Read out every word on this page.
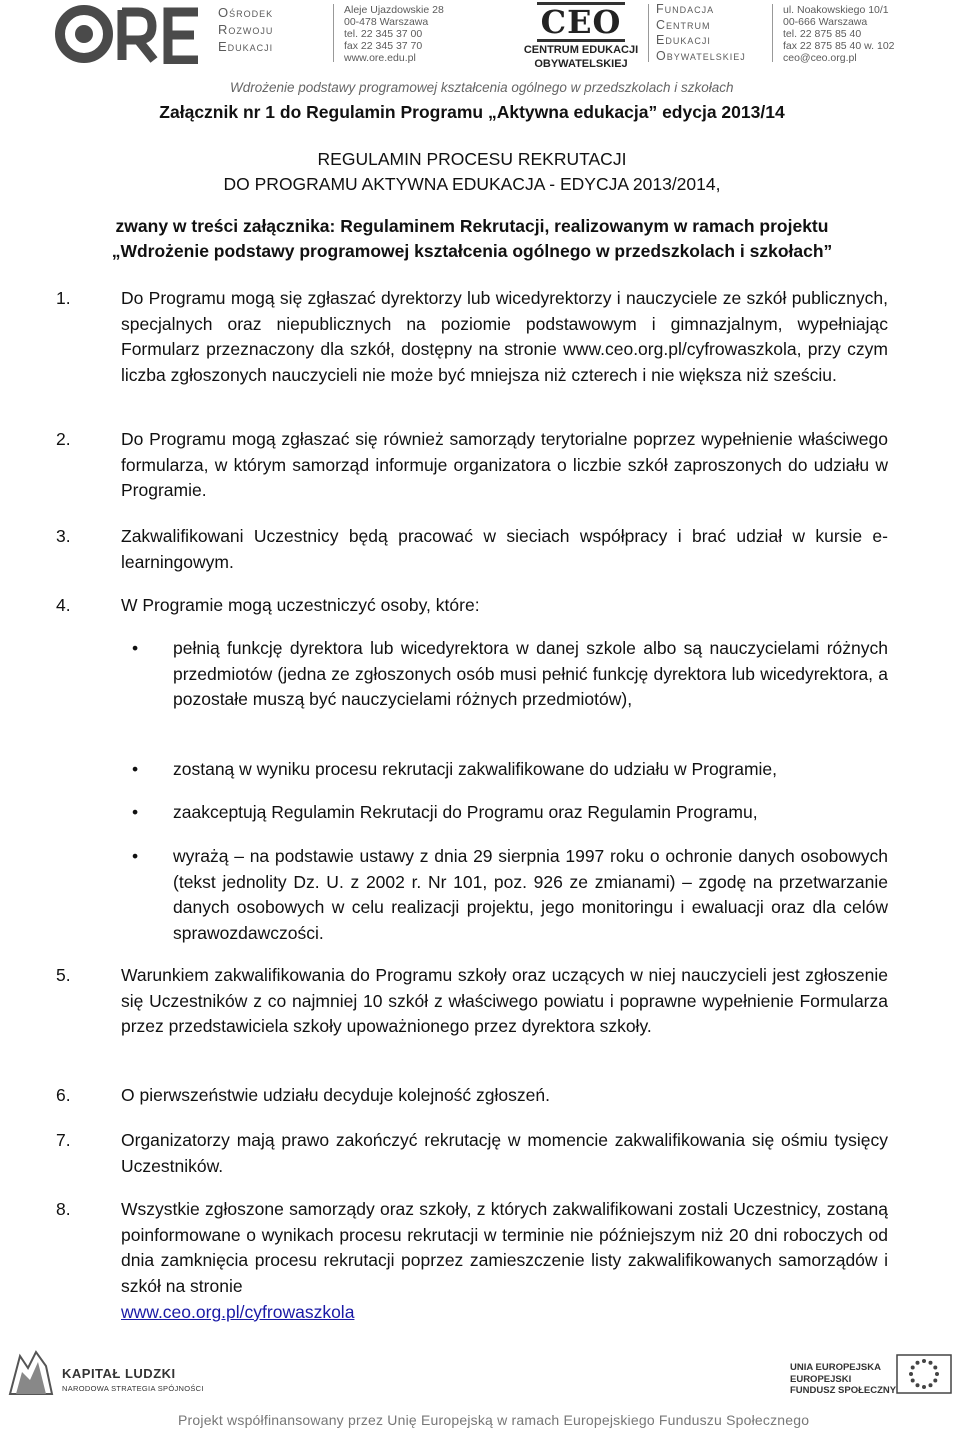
Ośrodek
Rozwoju
Edukacji
Aleje Ujazdowskie 28
00-478 Warszawa
tel. 22 345 37 00
fax 22 345 37 70
www.ore.edu.pl
CEO
CENTRUM EDUKACJI
OBYWATELSKIEJ
Fundacja
Centrum
Edukacji
Obywatelskiej
ul. Noakowskiego 10/1
00-666 Warszawa
tel. 22 875 85 40
fax 22 875 85 40 w. 102
ceo@ceo.org.pl
Wdrożenie podstawy programowej kształcenia ogólnego w przedszkolach i szkołach
Załącznik nr 1 do Regulamin Programu „Aktywna edukacja” edycja 2013/14
REGULAMIN PROCESU REKRUTACJI
DO PROGRAMU AKTYWNA EDUKACJA - EDYCJA 2013/2014,
zwany w treści załącznika: Regulaminem Rekrutacji, realizowanym w ramach projektu
„Wdrożenie podstawy programowej kształcenia ogólnego w przedszkolach i szkołach”
1.	Do Programu mogą się zgłaszać dyrektorzy lub wicedyrektorzy i nauczyciele ze szkół publicznych, specjalnych oraz niepublicznych na poziomie podstawowym i gimnazjalnym, wypełniając Formularz przeznaczony dla szkół, dostępny na stronie www.ceo.org.pl/cyfrowaszkola, przy czym liczba zgłoszonych nauczycieli nie może być mniejsza niż czterech i nie większa niż sześciu.
2.	Do Programu mogą zgłaszać się również samorządy terytorialne poprzez wypełnienie właściwego formularza, w którym samorząd informuje organizatora o liczbie szkół zaproszonych do udziału w Programie.
3.	Zakwalifikowani Uczestnicy będą pracować w sieciach współpracy i brać udział w kursie e-learningowym.
4.	W Programie mogą uczestniczyć osoby, które:
• pełnią funkcję dyrektora lub wicedyrektora w danej szkole albo są nauczycielami różnych przedmiotów (jedna ze zgłoszonych osób musi pełnić funkcję dyrektora lub wicedyrektora, a pozostałe muszą być nauczycielami różnych przedmiotów),
• zostaną w wyniku procesu rekrutacji zakwalifikowane do udziału w Programie,
• zaakceptują Regulamin Rekrutacji do Programu oraz Regulamin Programu,
• wyrażą – na podstawie ustawy z dnia 29 sierpnia 1997 roku o ochronie danych osobowych (tekst jednolity Dz. U. z 2002 r. Nr 101, poz. 926 ze zmianami) – zgodę na przetwarzanie danych osobowych w celu realizacji projektu, jego monitoringu i ewaluacji oraz dla celów sprawozdawczości.
5.	Warunkiem zakwalifikowania do Programu szkoły oraz uczących w niej nauczycieli jest zgłoszenie się Uczestników z co najmniej 10 szkół z właściwego powiatu i poprawne wypełnienie Formularza przez przedstawiciela szkoły upoważnionego przez dyrektora szkoły.
6.	O pierwszeństwie udziału decyduje kolejność zgłoszeń.
7.	Organizatorzy mają prawo zakończyć rekrutację w momencie zakwalifikowania się ośmiu tysięcy Uczestników.
8.	Wszystkie zgłoszone samorządy oraz szkoły, z których zakwalifikowani zostali Uczestnicy, zostaną poinformowane o wynikach procesu rekrutacji w terminie nie późniejszym niż 20 dni roboczych od dnia zamknięcia procesu rekrutacji poprzez zamieszczenie listy zakwalifikowanych samorządów i szkół na stronie
www.ceo.org.pl/cyfrowaszkola
KAPITAŁ LUDZKI
NARODOWA STRATEGIA SPÓJNOŚCI
UNIA EUROPEJSKA
EUROPEJSKI
FUNDUSZ SPOŁECZNY
Projekt współfinansowany przez Unię Europejską w ramach Europejskiego Funduszu Społecznego
